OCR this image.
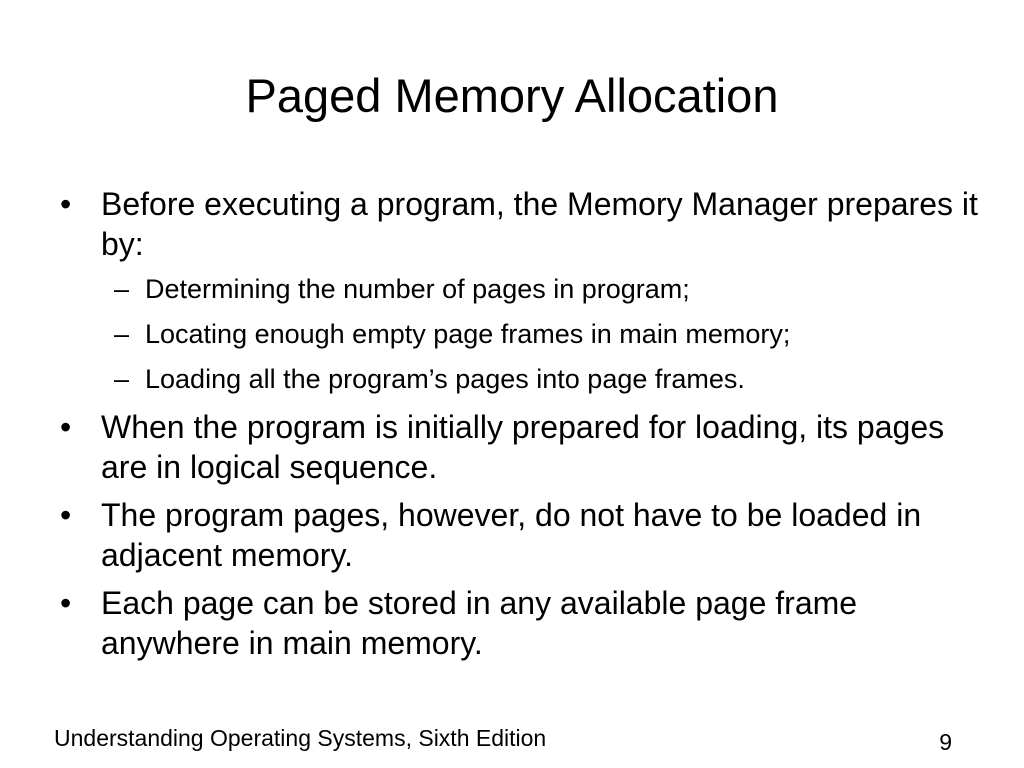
Paged Memory Allocation
• Before executing a program, the Memory Manager prepares it by:
– Determining the number of pages in program;
– Locating enough empty page frames in main memory;
– Loading all the program’s pages into page frames.
• When the program is initially prepared for loading, its pages are in logical sequence.
• The program pages, however, do not have to be loaded in adjacent memory.
• Each page can be stored in any available page frame anywhere in main memory.
Understanding Operating Systems, Sixth Edition	9
